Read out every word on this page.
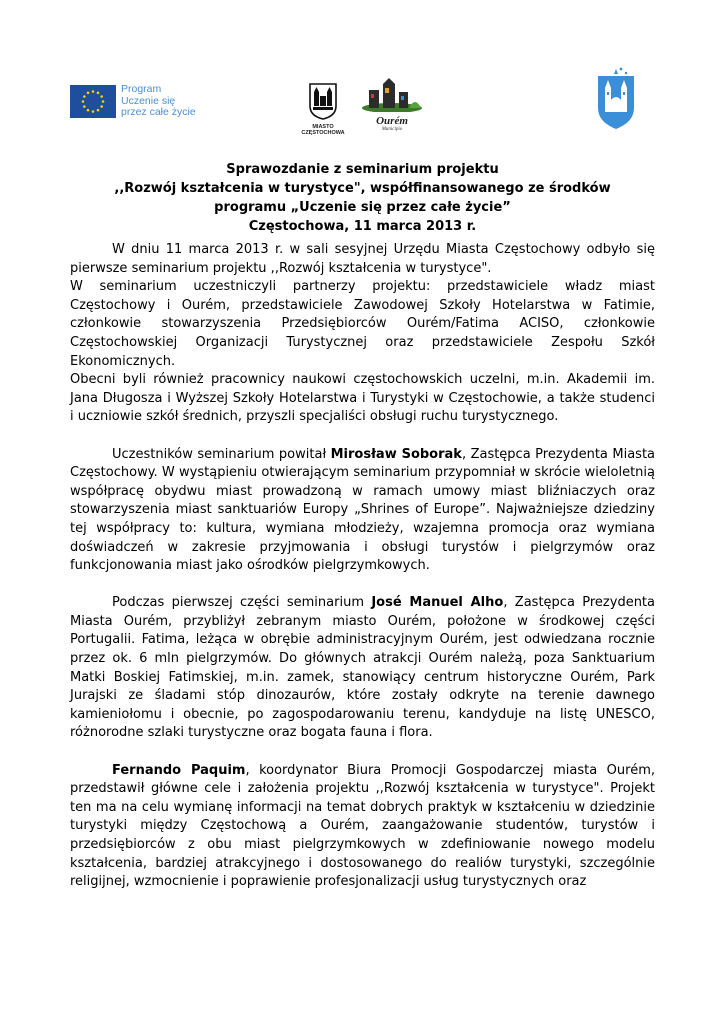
Program
Uczenie się
przez całe życie
MIASTO
CZĘSTOCHOWA
Ourém
Município
Sprawozdanie z seminarium projektu
,,Rozwój kształcenia w turystyce", współfinansowanego ze środków
programu „Uczenie się przez całe życie”
Częstochowa, 11 marca 2013 r.

W dniu 11 marca 2013 r. w sali sesyjnej Urzędu Miasta Częstochowy odbyło się pierwsze seminarium projektu ,,Rozwój kształcenia w turystyce".

W seminarium uczestniczyli partnerzy projektu: przedstawiciele władz miast Częstochowy i Ourém, przedstawiciele Zawodowej Szkoły Hotelarstwa w Fatimie, członkowie stowarzyszenia Przedsiębiorców Ourém/Fatima ACISO, członkowie Częstochowskiej Organizacji Turystycznej oraz przedstawiciele Zespołu Szkół Ekonomicznych.

Obecni byli również pracownicy naukowi częstochowskich uczelni, m.in. Akademii im. Jana Długosza i Wyższej Szkoły Hotelarstwa i Turystyki w Częstochowie, a także studenci i uczniowie szkół średnich, przyszli specjaliści obsługi ruchu turystycznego.

Uczestników seminarium powitał Mirosław Soborak, Zastępca Prezydenta Miasta Częstochowy. W wystąpieniu otwierającym seminarium przypomniał w skrócie wieloletnią współpracę obydwu miast prowadzoną w ramach umowy miast bliźniaczych oraz stowarzyszenia miast sanktuariów Europy „Shrines of Europe”. Najważniejsze dziedziny tej współpracy to: kultura, wymiana młodzieży, wzajemna promocja oraz wymiana doświadczeń w zakresie przyjmowania i obsługi turystów i pielgrzymów oraz funkcjonowania miast jako ośrodków pielgrzymkowych.

Podczas pierwszej części seminarium José Manuel Alho, Zastępca Prezydenta Miasta Ourém, przybliżył zebranym miasto Ourém, położone w środkowej części Portugalii. Fatima, leżąca w obrębie administracyjnym Ourém, jest odwiedzana rocznie przez ok. 6 mln pielgrzymów. Do głównych atrakcji Ourém należą, poza Sanktuarium Matki Boskiej Fatimskiej, m.in. zamek, stanowiący centrum historyczne Ourém, Park Jurajski ze śladami stóp dinozaurów, które zostały odkryte na terenie dawnego kamieniołomu i obecnie, po zagospodarowaniu terenu, kandyduje na listę UNESCO, różnorodne szlaki turystyczne oraz bogata fauna i flora.

Fernando Paquim, koordynator Biura Promocji Gospodarczej miasta Ourém, przedstawił główne cele i założenia projektu ,,Rozwój kształcenia w turystyce". Projekt ten ma na celu wymianę informacji na temat dobrych praktyk w kształceniu w dziedzinie turystyki między Częstochową a Ourém, zaangażowanie studentów, turystów i przedsiębiorców z obu miast pielgrzymkowych w zdefiniowanie nowego modelu kształcenia, bardziej atrakcyjnego i dostosowanego do realiów turystyki, szczególnie religijnej, wzmocnienie i poprawienie profesjonalizacji usług turystycznych oraz
